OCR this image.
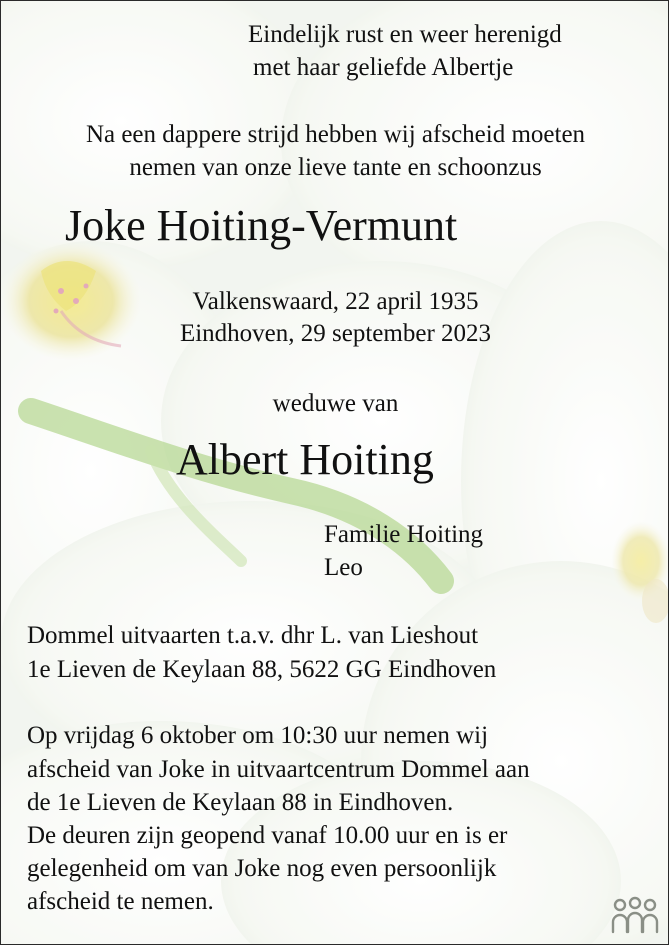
Eindelijk rust en weer herenigd
met haar geliefde Albertje
Na een dappere strijd hebben wij afscheid moeten
nemen van onze lieve tante en schoonzus
Joke Hoiting-Vermunt
Valkenswaard, 22 april 1935
Eindhoven, 29 september 2023
weduwe van
Albert Hoiting
Familie Hoiting
Leo
Dommel uitvaarten t.a.v. dhr L. van Lieshout
1e Lieven de Keylaan 88, 5622 GG Eindhoven
Op vrijdag 6 oktober om 10:30 uur nemen wij
afscheid van Joke in uitvaartcentrum Dommel aan
de 1e Lieven de Keylaan 88 in Eindhoven.
De deuren zijn geopend vanaf 10.00 uur en is er
gelegenheid om van Joke nog even persoonlijk
afscheid te nemen.
